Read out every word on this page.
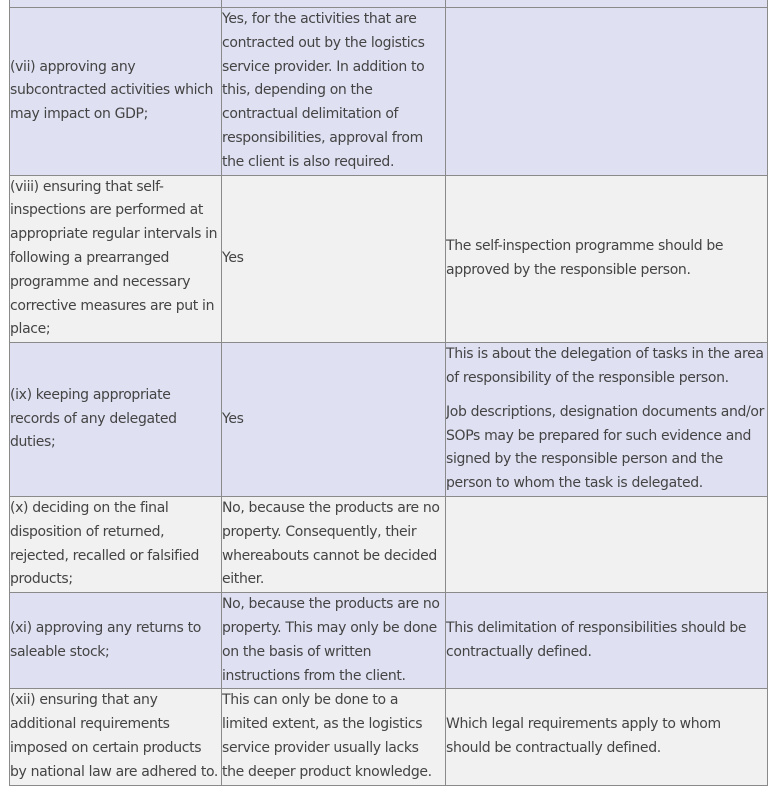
(vii) approving any subcontracted activities which may impact on GDP;	Yes, for the activities that are contracted out by the logistics service provider. In addition to this, depending on the contractual delimitation of responsibilities, approval from the client is also required.	
(viii) ensuring that self-inspections are performed at appropriate regular intervals in following a prearranged programme and necessary corrective measures are put in place;	Yes	The self-inspection programme should be approved by the responsible person.

(ix) keeping appropriate records of any delegated duties;	Yes	This is about the delegation of tasks in the area of responsibility of the responsible person.

Job descriptions, designation documents and/or SOPs may be prepared for such evidence and signed by the responsible person and the person to whom the task is delegated.

(x) deciding on the final disposition of returned, rejected, recalled or falsified products;	No, because the products are no property. Consequently, their whereabouts cannot be decided either.	
(xi) approving any returns to saleable stock;	No, because the products are no property. This may only be done on the basis of written instructions from the client.	This delimitation of responsibilities should be contractually defined.

(xii) ensuring that any additional requirements imposed on certain products by national law are adhered to.	This can only be done to a limited extent, as the logistics service provider usually lacks the deeper product knowledge.	Which legal requirements apply to whom should be contractually defined.
